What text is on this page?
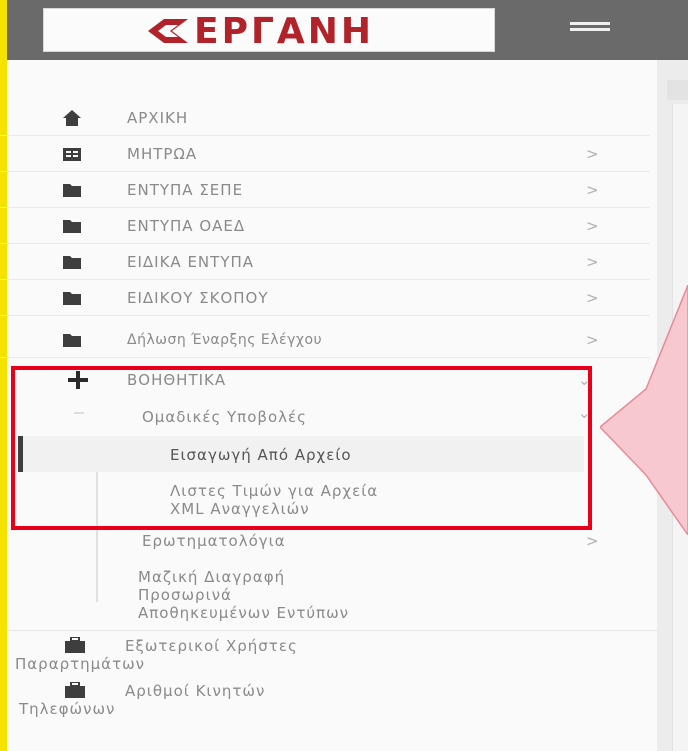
ΕΡΓΑΝΗ
ΑΡΧΙΚΗ
ΜΗΤΡΩΑ	>
ΕΝΤΥΠΑ ΣΕΠΕ	>
ΕΝΤΥΠΑ ΟΑΕΔ	>
ΕΙΔΙΚΑ ΕΝΤΥΠΑ	>
ΕΙΔΙΚΟΥ ΣΚΟΠΟΥ	>
Δήλωση Έναρξης Ελέγχου	>
ΒΟΗΘΗΤΙΚΑ	⌄
Ομαδικές Υποβολές	⌄
Εισαγωγή Από Αρχείο
Λιστες Τιμών για Αρχεία
XML Αναγγελιών
Ερωτηματολόγια	>
Μαζική Διαγραφή
Προσωρινά
Αποθηκευμένων Εντύπων
Εξωτερικοί Χρήστες
Παραρτημάτων
Αριθμοί Κινητών
Τηλεφώνων
